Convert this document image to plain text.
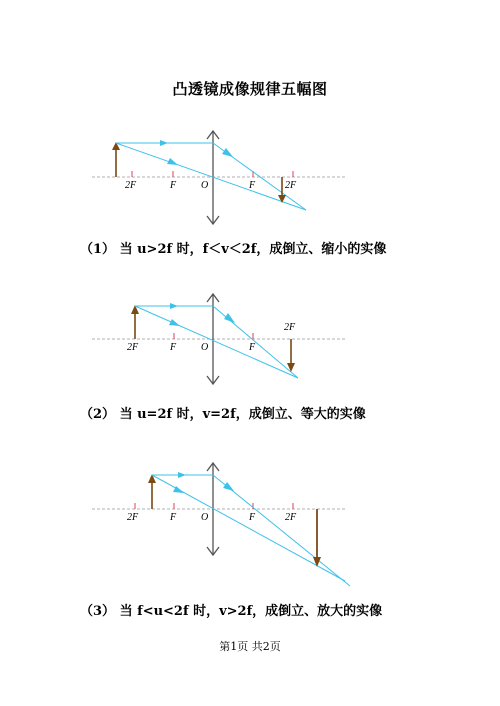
凸透镜成像规律五幅图
2F	F O	F	2F
（1） 当 u>2f 时，f＜v＜2f，成倒立、缩小的实像
2F	F O	F
2F
（2） 当 u=2f 时，v=2f，成倒立、等大的实像
2F	F O	F	2F
（3） 当 f<u<2f 时，v>2f，成倒立、放大的实像
第1页 共2页
